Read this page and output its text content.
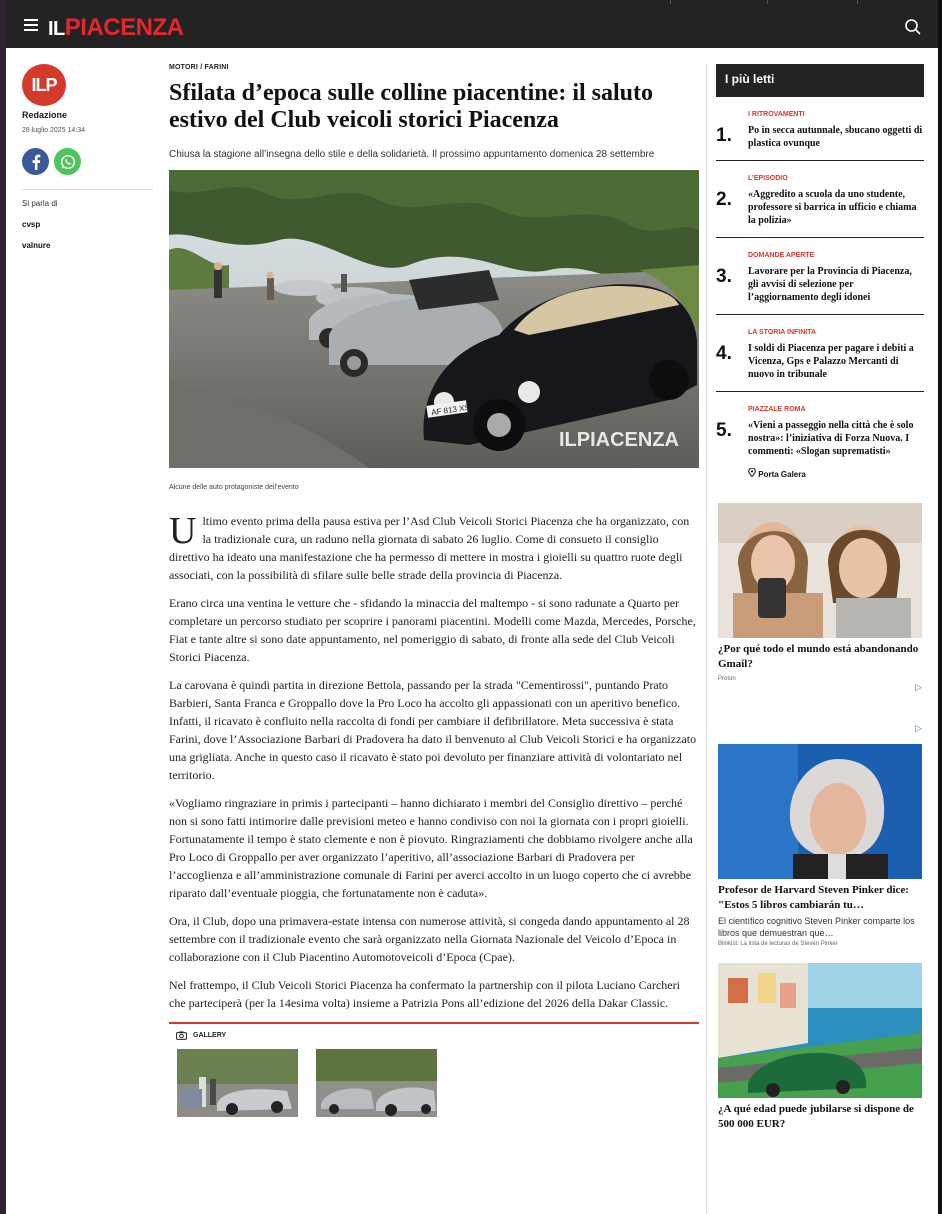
ILPIACENZA
ILP
Redazione
28 luglio 2025 14:34
Si parla di
cvsp
valnure
MOTORI / FARINI
Sfilata d’epoca sulle colline piacentine: il saluto estivo del Club veicoli storici Piacenza
Chiusa la stagione all’insegna dello stile e della solidarietà. Il prossimo appuntamento domenica 28 settembre
AF 813 XS
ILPIACENZA
Alcune delle auto protagoniste dell’evento

Ultimo evento prima della pausa estiva per l’Asd Club Veicoli Storici Piacenza che ha organizzato, con la tradizionale cura, un raduno nella giornata di sabato 26 luglio. Come di consueto il consiglio direttivo ha ideato una manifestazione che ha permesso di mettere in mostra i gioielli su quattro ruote degli associati, con la possibilità di sfilare sulle belle strade della provincia di Piacenza.

Erano circa una ventina le vetture che - sfidando la minaccia del maltempo - si sono radunate a Quarto per completare un percorso studiato per scoprire i panorami piacentini. Modelli come Mazda, Mercedes, Porsche, Fiat e tante altre si sono date appuntamento, nel pomeriggio di sabato, di fronte alla sede del Club Veicoli Storici Piacenza.

La carovana è quindi partita in direzione Bettola, passando per la strada "Cementirossi", puntando Prato Barbieri, Santa Franca e Groppallo dove la Pro Loco ha accolto gli appassionati con un aperitivo benefico. Infatti, il ricavato è confluito nella raccolta di fondi per cambiare il defibrillatore. Meta successiva è stata Farini, dove l’Associazione Barbari di Pradovera ha dato il benvenuto al Club Veicoli Storici e ha organizzato una grigliata. Anche in questo caso il ricavato è stato poi devoluto per finanziare attività di volontariato nel territorio.

«Vogliamo ringraziare in primis i partecipanti – hanno dichiarato i membri del Consiglio direttivo – perché non si sono fatti intimorire dalle previsioni meteo e hanno condiviso con noi la giornata con i propri gioielli. Fortunatamente il tempo è stato clemente e non è piovuto. Ringraziamenti che dobbiamo rivolgere anche alla Pro Loco di Groppallo per aver organizzato l’aperitivo, all’associazione Barbari di Pradovera per l’accoglienza e all’amministrazione comunale di Farini per averci accolto in un luogo coperto che ci avrebbe riparato dall’eventuale pioggia, che fortunatamente non è caduta».

Ora, il Club, dopo una primavera-estate intensa con numerose attività, si congeda dando appuntamento al 28 settembre con il tradizionale evento che sarà organizzato nella Giornata Nazionale del Veicolo d’Epoca in collaborazione con il Club Piacentino Automotoveicoli d’Epoca (Cpae).

Nel frattempo, il Club Veicoli Storici Piacenza ha confermato la partnership con il pilota Luciano Carcheri che parteciperà (per la 14esima volta) insieme a Patrizia Pons all’edizione del 2026 della Dakar Classic.

GALLERY
I più letti
1.
I RITROVAMENTI
Po in secca autunnale, sbucano oggetti di plastica ovunque
2.
L’EPISODIO
«Aggredito a scuola da uno studente, professore si barrica in ufficio e chiama la polizia»
3.
DOMANDE APERTE
Lavorare per la Provincia di Piacenza, gli avvisi di selezione per l’aggiornamento degli idonei
4.
LA STORIA INFINITA
I soldi di Piacenza per pagare i debiti a Vicenza, Gps e Palazzo Mercanti di nuovo in tribunale
5.
PIAZZALE ROMA
«Vieni a passeggio nella città che è solo nostra»: l’iniziativa di Forza Nuova. I commenti: «Slogan suprematisti»
Porta Galera
¿Por qué todo el mundo está abandonando Gmail?
Proton
▷
▷
Profesor de Harvard Steven Pinker dice: "Estos 5 libros cambiarán tu…
El científico cognitivo Steven Pinker comparte los libros que demuestran que…
Blinkist: La lista de lecturas de Steven Pinker
¿A qué edad puede jubilarse si dispone de 500 000 EUR?
